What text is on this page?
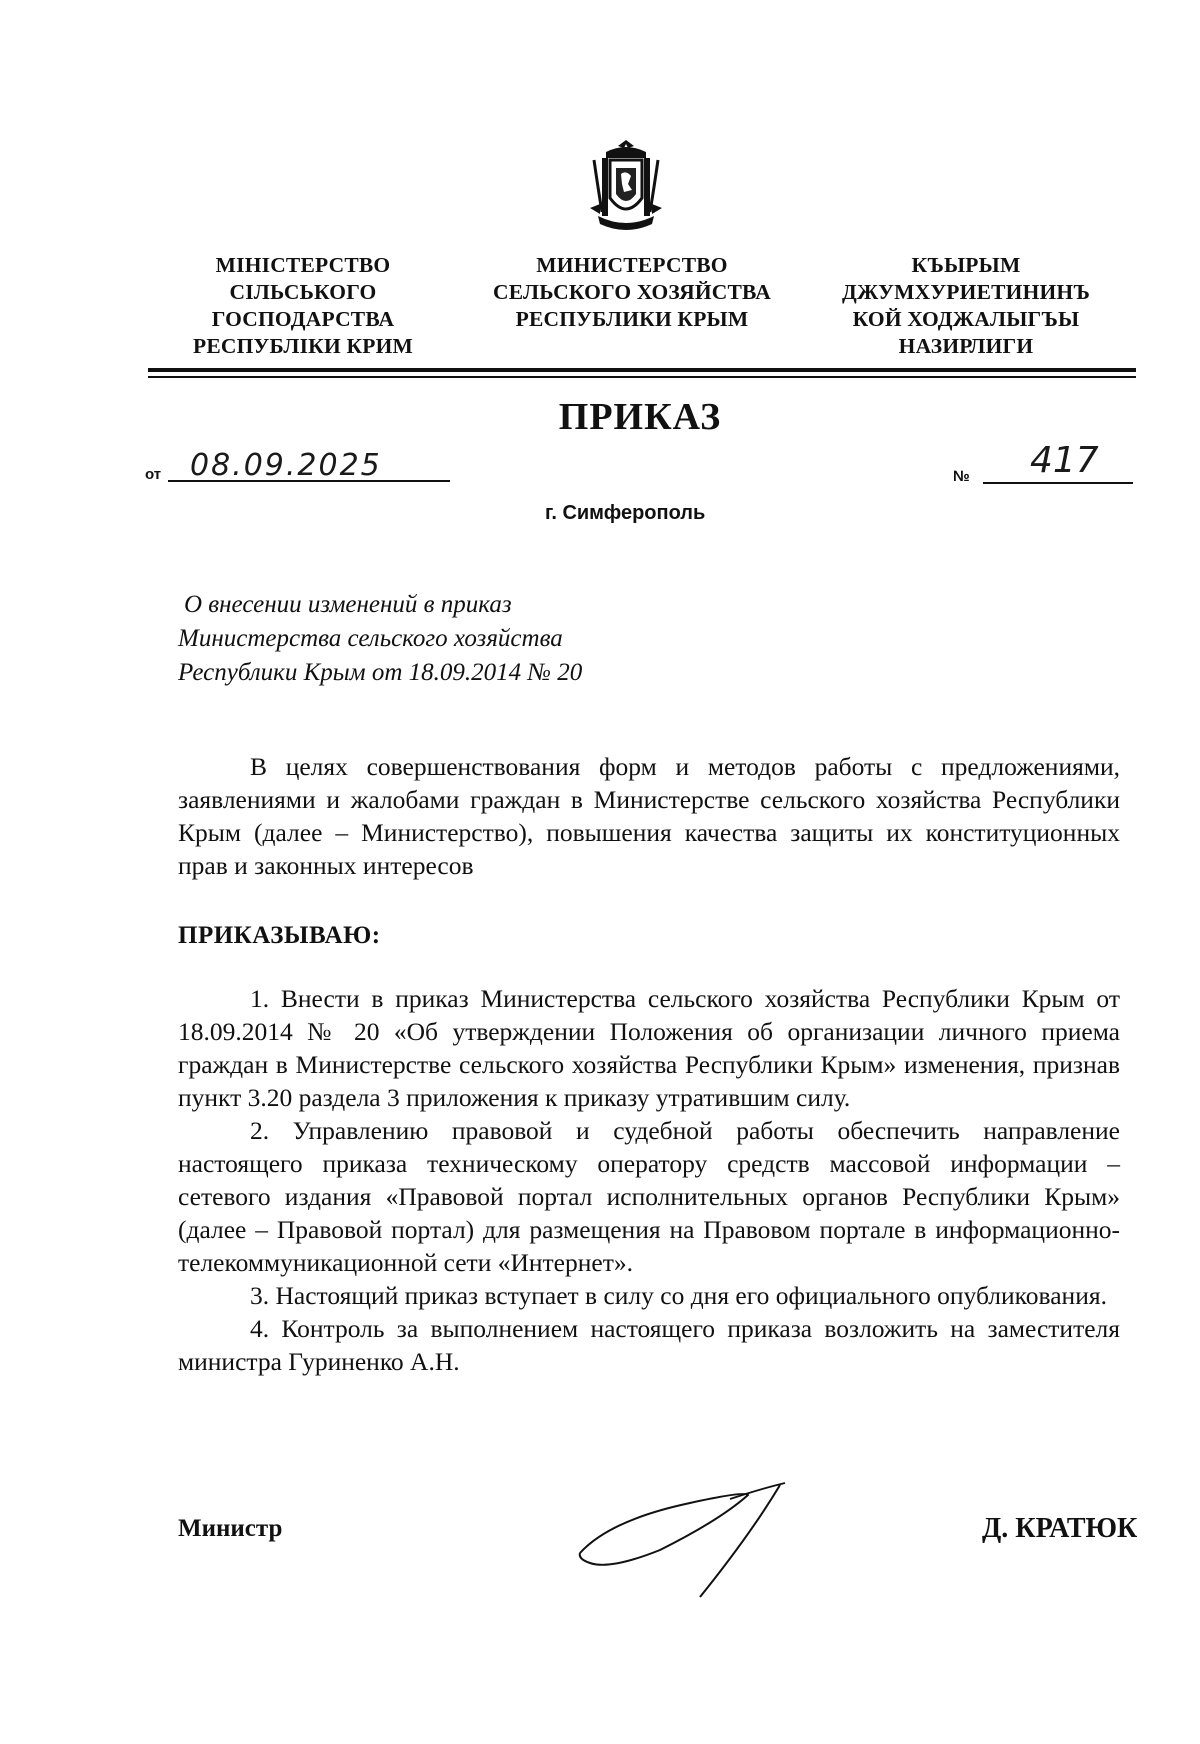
МІНІСТЕРСТВО
СІЛЬСЬКОГО
ГОСПОДАРСТВА
РЕСПУБЛІКИ КРИМ
МИНИСТЕРСТВО
СЕЛЬСКОГО ХОЗЯЙСТВА
РЕСПУБЛИКИ КРЫМ
КЪЫРЫМ
ДЖУМХУРИЕТИНИНЪ
КОЙ ХОДЖАЛЫГЪЫ
НАЗИРЛИГИ
ПРИКАЗ
от 08.09.2025	№ 417
г. Симферополь
О внесении изменений в приказ
Министерства сельского хозяйства
Республики Крым от 18.09.2014 № 20

В целях совершенствования форм и методов работы с предложениями, заявлениями и жалобами граждан в Министерстве сельского хозяйства Республики Крым (далее – Министерство), повышения качества защиты их конституционных прав и законных интересов

ПРИКАЗЫВАЮ:

1. Внести в приказ Министерства сельского хозяйства Республики Крым от 18.09.2014 № 20 «Об утверждении Положения об организации личного приема граждан в Министерстве сельского хозяйства Республики Крым» изменения, признав пункт 3.20 раздела 3 приложения к приказу утратившим силу.

2. Управлению правовой и судебной работы обеспечить направление настоящего приказа техническому оператору средств массовой информации – сетевого издания «Правовой портал исполнительных органов Республики Крым» (далее – Правовой портал) для размещения на Правовом портале в информационно-телекоммуникационной сети «Интернет».

3. Настоящий приказ вступает в силу со дня его официального опубликования.

4. Контроль за выполнением настоящего приказа возложить на заместителя министра Гуриненко А.Н.

Министр	Д. КРАТЮК
